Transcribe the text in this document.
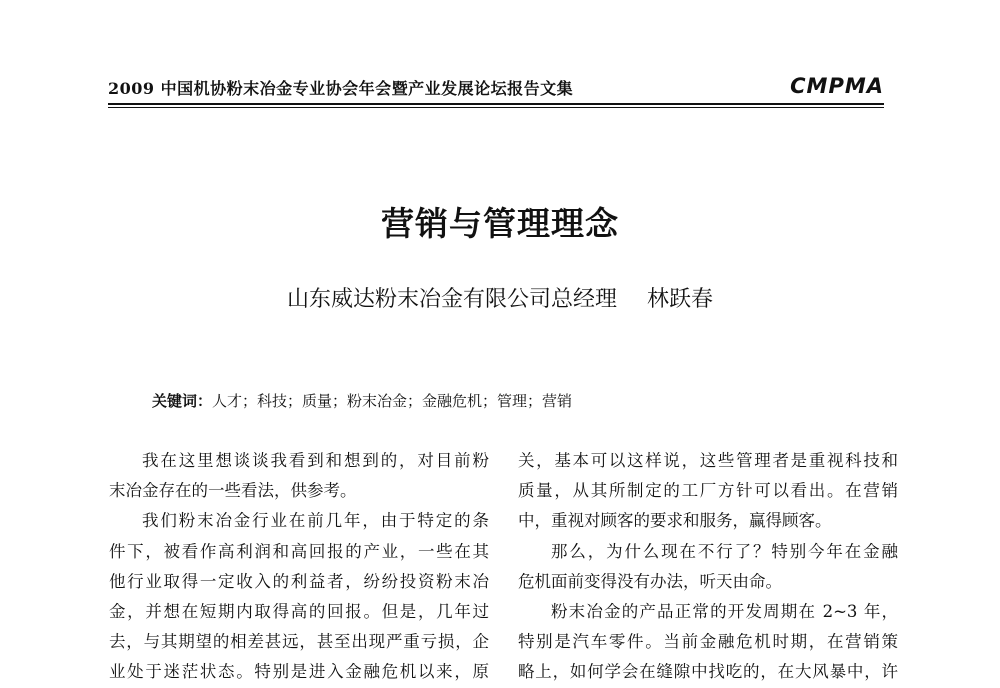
2009 中国机协粉末冶金专业协会年会暨产业发展论坛报告文集	CMPMA
营销与管理理念
山东威达粉末冶金有限公司总经理 林跃春
关键词：人才；科技；质量；粉末冶金；金融危机；管理；营销
我在这里想谈谈我看到和想到的，对目前粉
末冶金存在的一些看法，供参考。
我们粉末冶金行业在前几年，由于特定的条
件下，被看作高利润和高回报的产业，一些在其
他行业取得一定收入的利益者，纷纷投资粉末冶
金，并想在短期内取得高的回报。但是，几年过
去，与其期望的相差甚远，甚至出现严重亏损，企
业处于迷茫状态。特别是进入金融危机以来，原
关，基本可以这样说，这些管理者是重视科技和
质量，从其所制定的工厂方针可以看出。在营销
中，重视对顾客的要求和服务，赢得顾客。
那么，为什么现在不行了？特别今年在金融
危机面前变得没有办法，听天由命。
粉末冶金的产品正常的开发周期在 2~3 年，
特别是汽车零件。当前金融危机时期，在营销策
略上，如何学会在缝隙中找吃的，在大风暴中，许
